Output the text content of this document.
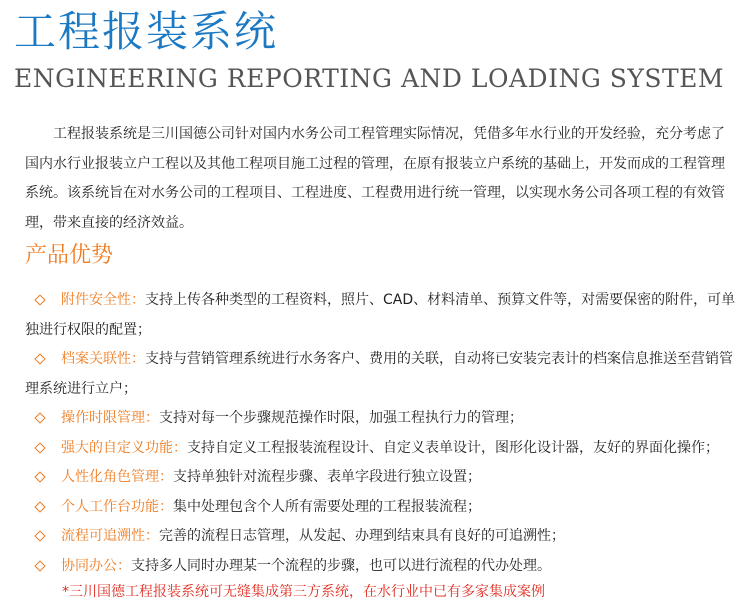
工程报装系统
ENGINEERING REPORTING AND LOADING SYSTEM

工程报装系统是三川国德公司针对国内水务公司工程管理实际情况，凭借多年水行业的开发经验，充分考虑了国内水行业报装立户工程以及其他工程项目施工过程的管理，在原有报装立户系统的基础上，开发而成的工程管理系统。该系统旨在对水务公司的工程项目、工程进度、工程费用进行统一管理，以实现水务公司各项工程的有效管理，带来直接的经济效益。

产品优势
附件安全性：支持上传各种类型的工程资料，照片、CAD、材料清单、预算文件等，对需要保密的附件，可单独进行权限的配置；
档案关联性：支持与营销管理系统进行水务客户、费用的关联，自动将已安装完表计的档案信息推送至营销管理系统进行立户；
操作时限管理：支持对每一个步骤规范操作时限，加强工程执行力的管理；
强大的自定义功能：支持自定义工程报装流程设计、自定义表单设计，图形化设计器，友好的界面化操作；
人性化角色管理：支持单独针对流程步骤、表单字段进行独立设置；
个人工作台功能：集中处理包含个人所有需要处理的工程报装流程；
流程可追溯性：完善的流程日志管理，从发起、办理到结束具有良好的可追溯性；
协同办公：支持多人同时办理某一个流程的步骤，也可以进行流程的代办处理。

*三川国德工程报装系统可无缝集成第三方系统，在水行业中已有多家集成案例
